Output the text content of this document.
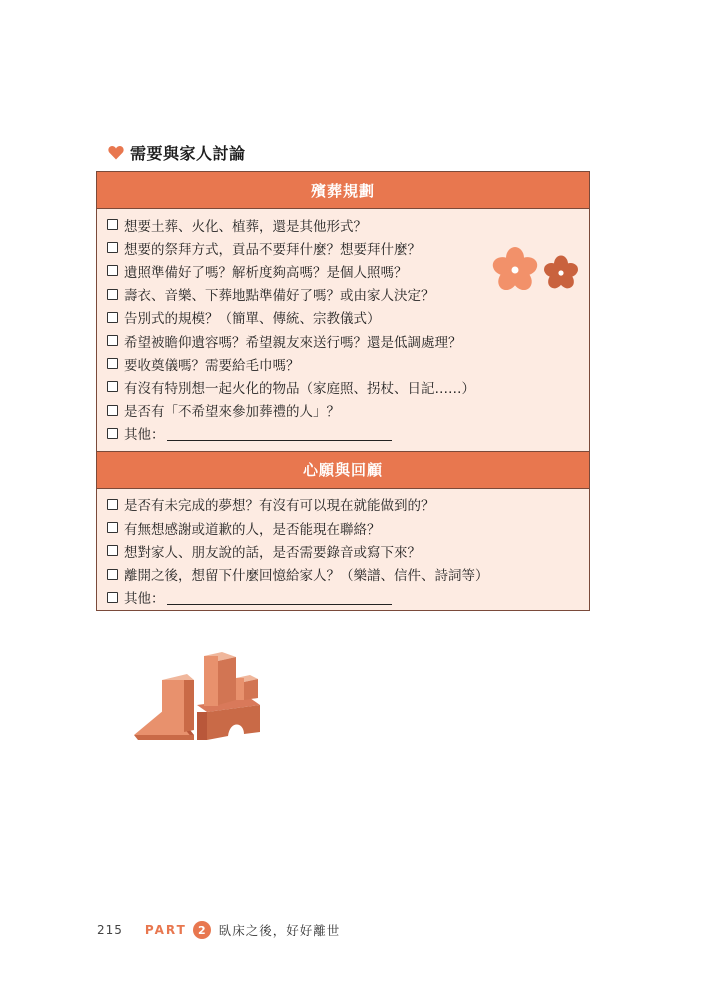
需要與家人討論
殯葬規劃
想要土葬、火化、植葬，還是其他形式？
想要的祭拜方式，貢品不要拜什麼？想要拜什麼？
遺照準備好了嗎？解析度夠高嗎？是個人照嗎？
壽衣、音樂、下葬地點準備好了嗎？或由家人決定？
告別式的規模？（簡單、傳統、宗教儀式）
希望被瞻仰遺容嗎？希望親友來送行嗎？還是低調處理？
要收奠儀嗎？需要給毛巾嗎？
有沒有特別想一起火化的物品（家庭照、拐杖、日記……）
是否有「不希望來參加葬禮的人」？
其他：
心願與回顧
是否有未完成的夢想？有沒有可以現在就能做到的？
有無想感謝或道歉的人，是否能現在聯絡？
想對家人、朋友說的話，是否需要錄音或寫下來？
離開之後，想留下什麼回憶給家人？（樂譜、信件、詩詞等）
其他：
215 PART	2	臥床之後，好好離世
